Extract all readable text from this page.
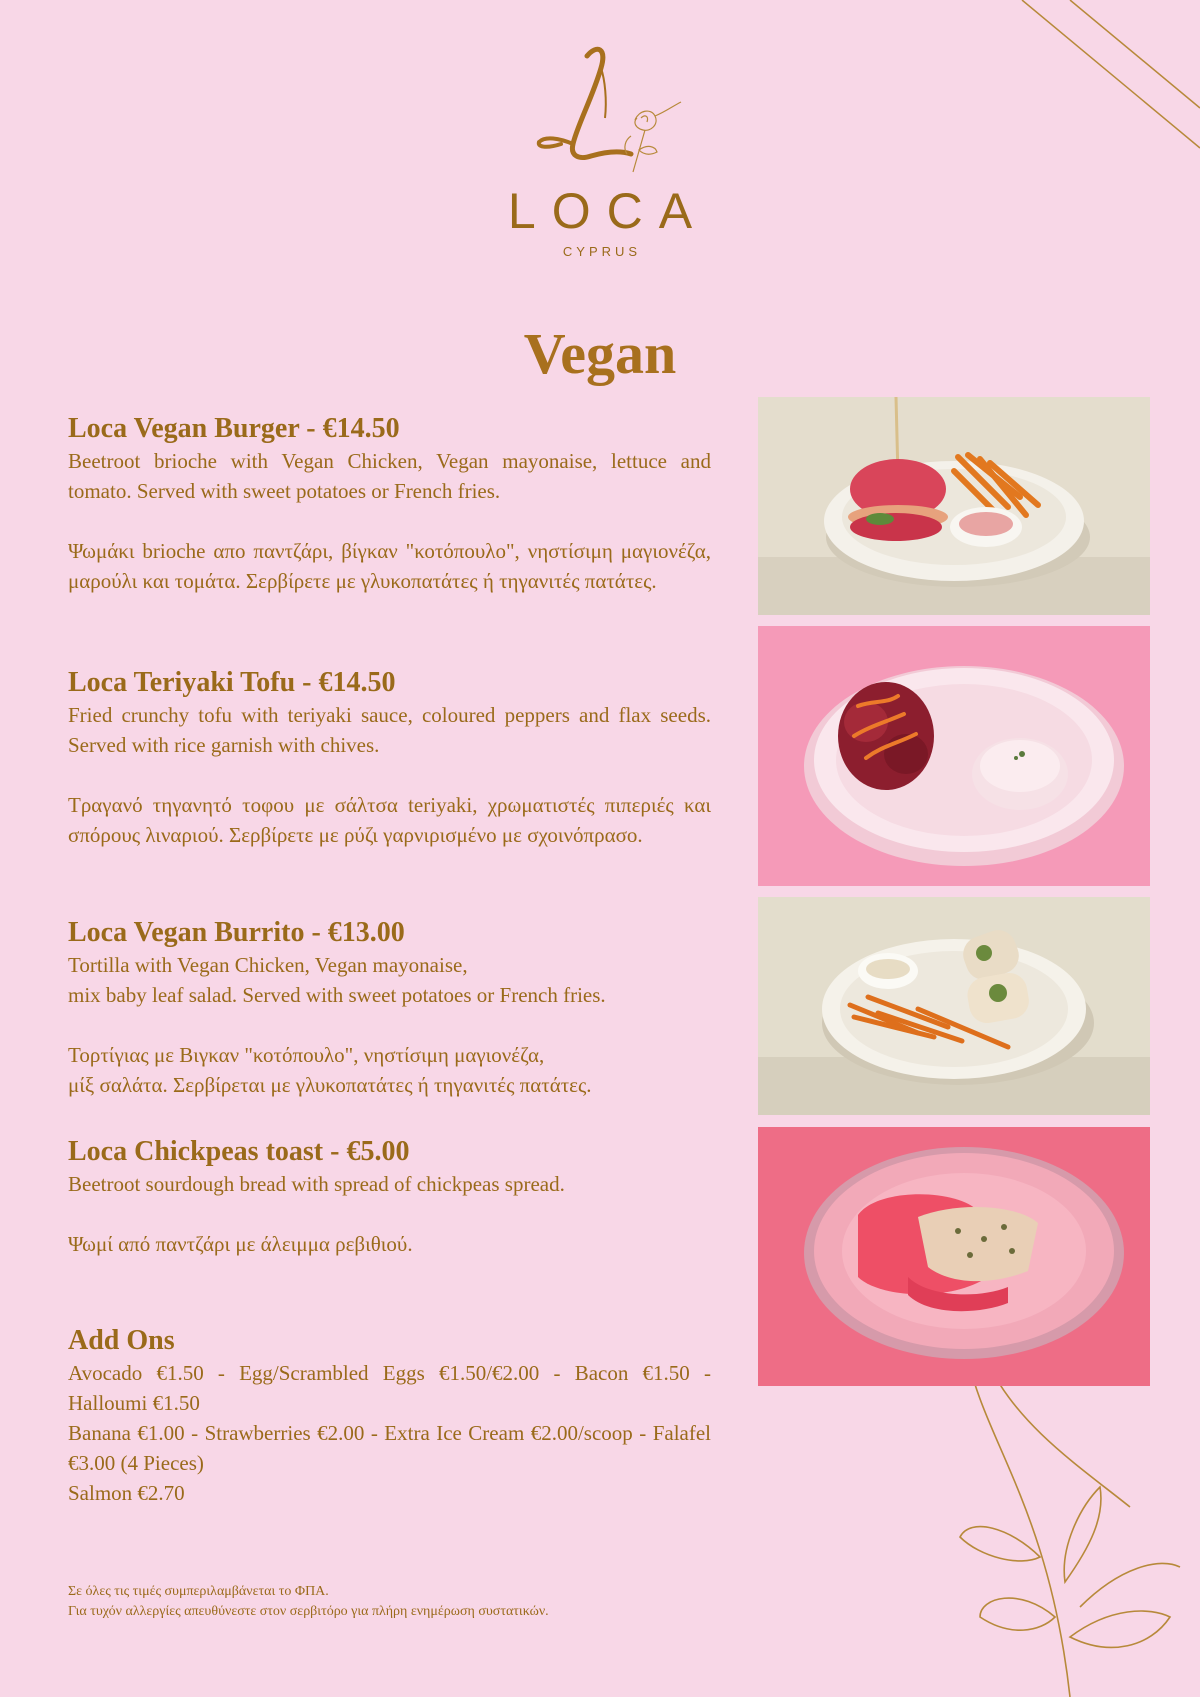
LOCA
CYPRUS
Vegan
Loca Vegan Burger - €14.50

Beetroot brioche with Vegan Chicken, Vegan mayonaise, lettuce and tomato. Served with sweet potatoes or French fries.

Ψωμάκι brioche απο παντζάρι, βίγκαν "κοτόπουλο", νηστίσιμη μαγιονέζα, μαρούλι και τομάτα. Σερβίρετε με γλυκοπατάτες ή τηγανιτές πατάτες.

Loca Teriyaki Tofu - €14.50

Fried crunchy tofu with teriyaki sauce, coloured peppers and flax seeds. Served with rice garnish with chives.

Τραγανό τηγανητό τοφου με σάλτσα teriyaki, χρωματιστές πιπεριές και σπόρους λιναριού. Σερβίρετε με ρύζι γαρνιρισμένο με σχοινόπρασο.

Loca Vegan Burrito - €13.00

Tortilla with Vegan Chicken, Vegan mayonaise,

mix baby leaf salad. Served with sweet potatoes or French fries.

Τορτίγιας με Βιγκαν "κοτόπουλο", νηστίσιμη μαγιονέζα,

μίξ σαλάτα. Σερβίρεται με γλυκοπατάτες ή τηγανιτές πατάτες.

Loca Chickpeas toast - €5.00

Beetroot sourdough bread with spread of chickpeas spread.

Ψωμί από παντζάρι με άλειμμα ρεβιθιού.

Add Ons

Avocado €1.50 - Egg/Scrambled Eggs €1.50/€2.00 - Bacon €1.50 - Halloumi €1.50

Banana €1.00 - Strawberries €2.00 - Extra Ice Cream €2.00/scoop - Falafel €3.00 (4 Pieces)

Salmon €2.70

Σε όλες τις τιμές συμπεριλαμβάνεται το ΦΠΑ.
Για τυχόν αλλεργίες απευθύνεστε στον σερβιτόρο για πλήρη ενημέρωση συστατικών.
